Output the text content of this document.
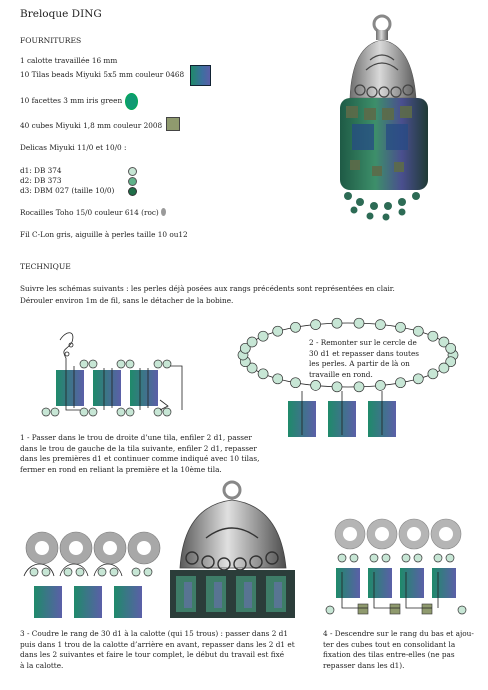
Breloque DING
FOURNITURES
1 calotte travaillée 16 mm
10 Tilas beads Miyuki 5x5 mm couleur 0468
10 facettes 3 mm iris green
40 cubes Miyuki 1,8 mm couleur 2008
Delicas Miyuki 11/0 et 10/0 :
d1: DB 374
d2: DB 373
d3: DBM 027 (taille 10/0)
Rocailles Toho 15/0 couleur 614 (roc)
Fil C-Lon gris, aiguille à perles taille 10 ou12
TECHNIQUE
Suivre les schémas suivants : les perles déjà posées aux rangs précédents sont représentées en clair.
Dérouler environ 1m de fil, sans le détacher de la bobine.
1 - Passer dans le trou de droite d’une tila, enfiler 2 d1, passer
dans le trou de gauche de la tila suivante, enfiler 2 d1, repasser
dans les premières d1 et continuer comme indiqué avec 10 tilas,
fermer en rond en reliant la première et la 10ème tila.
2 - Remonter sur le cercle de
30 d1 et repasser dans toutes
les perles. A partir de là on
travaille en rond.
3 - Coudre le rang de 30 d1 à la calotte (qui 15 trous) : passer dans 2 d1
puis dans 1 trou de la calotte d’arrière en avant, repasser dans les 2 d1 et
dans les 2 suivantes et faire le tour complet, le début du travail est fixé
à la calotte.
4 - Descendre sur le rang du bas et ajou-
ter des cubes tout en consolidant la
fixation des tilas entre-elles (ne pas
repasser dans les d1).
